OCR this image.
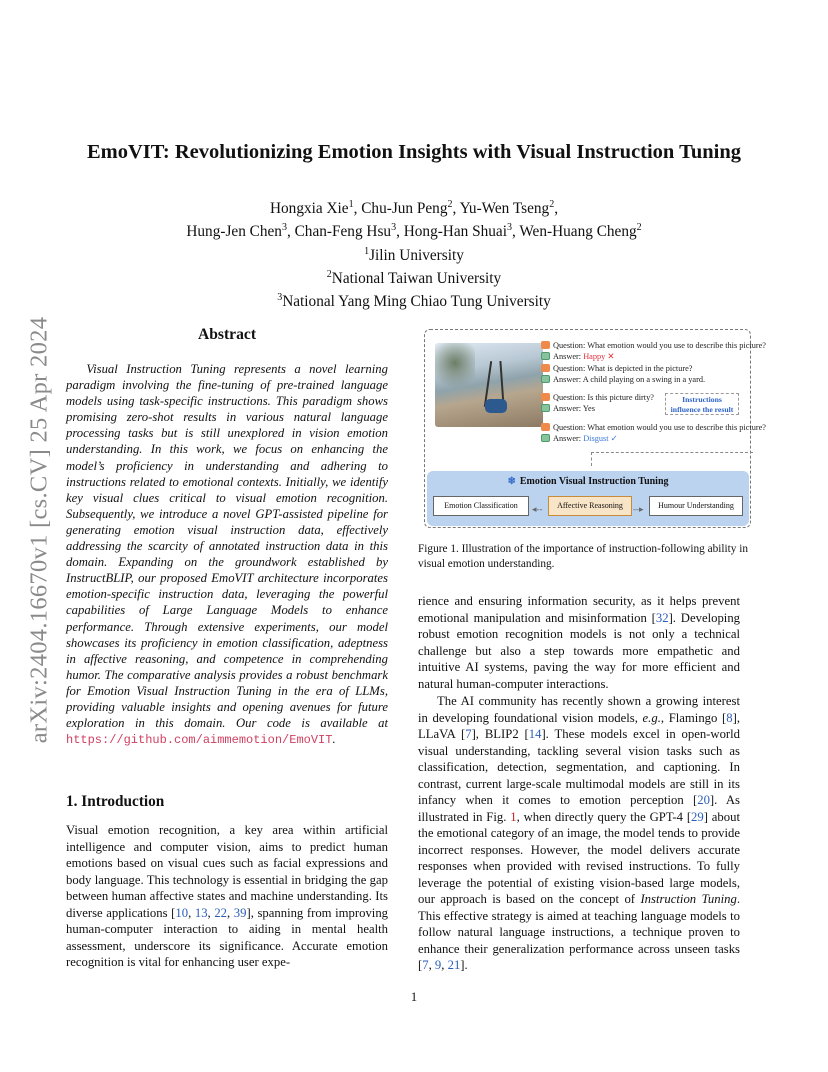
arXiv:2404.16670v1 [cs.CV] 25 Apr 2024
EmoVIT: Revolutionizing Emotion Insights with Visual Instruction Tuning
Hongxia Xie$^1$, Chu-Jun Peng$^2$, Yu-Wen Tseng$^2$,
Hung-Jen Chen$^3$, Chan-Feng Hsu$^3$, Hong-Han Shuai$^3$, Wen-Huang Cheng$^2$
$^1$Jilin University
$^2$National Taiwan University
$^3$National Yang Ming Chiao Tung University
Abstract

Visual Instruction Tuning represents a novel learning paradigm involving the fine-tuning of pre-trained language models using task-specific instructions. This paradigm shows promising zero-shot results in various natural language processing tasks but is still unexplored in vision emotion understanding. In this work, we focus on enhancing the model’s proficiency in understanding and adhering to instructions related to emotional contexts. Initially, we identify key visual clues critical to visual emotion recognition. Subsequently, we introduce a novel GPT-assisted pipeline for generating emotion visual instruction data, effectively addressing the scarcity of annotated instruction data in this domain. Expanding on the groundwork established by InstructBLIP, our proposed EmoVIT architecture incorporates emotion-specific instruction data, leveraging the powerful capabilities of Large Language Models to enhance performance. Through extensive experiments, our model showcases its proficiency in emotion classification, adeptness in affective reasoning, and competence in comprehending humor. The comparative analysis provides a robust benchmark for Emotion Visual Instruction Tuning in the era of LLMs, providing valuable insights and opening avenues for future exploration in this domain. Our code is available at https://github.com/aimmemotion/EmoVIT.

1. Introduction
Visual emotion recognition, a key area within artificial intelligence and computer vision, aims to predict human emotions based on visual cues such as facial expressions and body language. This technology is essential in bridging the gap between human affective states and machine understanding. Its diverse applications [10, 13, 22, 39], spanning from improving human-computer interaction to aiding in mental health assessment, underscore its significance. Accurate emotion recognition is vital for enhancing user expe-
Question: What emotion would you use to describe this picture?
Answer: Happy ✕
Question: What is depicted in the picture?
Answer: A child playing on a swing in a yard.
Question: Is this picture dirty?
Answer: Yes
Instructions
influence the result
Question: What emotion would you use to describe this picture?
Answer: Disgust ✓
❄ Emotion Visual Instruction Tuning
Emotion Classification	◂‑‑	Affective Reasoning	‑‑▸	Humour Understanding
Figure 1. Illustration of the importance of instruction-following ability in visual emotion understanding.

rience and ensuring information security, as it helps prevent emotional manipulation and misinformation [32]. Developing robust emotion recognition models is not only a technical challenge but also a step towards more empathetic and intuitive AI systems, paving the way for more efficient and natural human-computer interactions.

The AI community has recently shown a growing interest in developing foundational vision models, e.g., Flamingo [8], LLaVA [7], BLIP2 [14]. These models excel in open-world visual understanding, tackling several vision tasks such as classification, detection, segmentation, and captioning. In contrast, current large-scale multimodal models are still in its infancy when it comes to emotion perception [20]. As illustrated in Fig. 1, when directly query the GPT-4 [29] about the emotional category of an image, the model tends to provide incorrect responses. However, the model delivers accurate responses when provided with revised instructions. To fully leverage the potential of existing vision-based large models, our approach is based on the concept of Instruction Tuning. This effective strategy is aimed at teaching language models to follow natural language instructions, a technique proven to enhance their generalization performance across unseen tasks [7, 9, 21].

1
